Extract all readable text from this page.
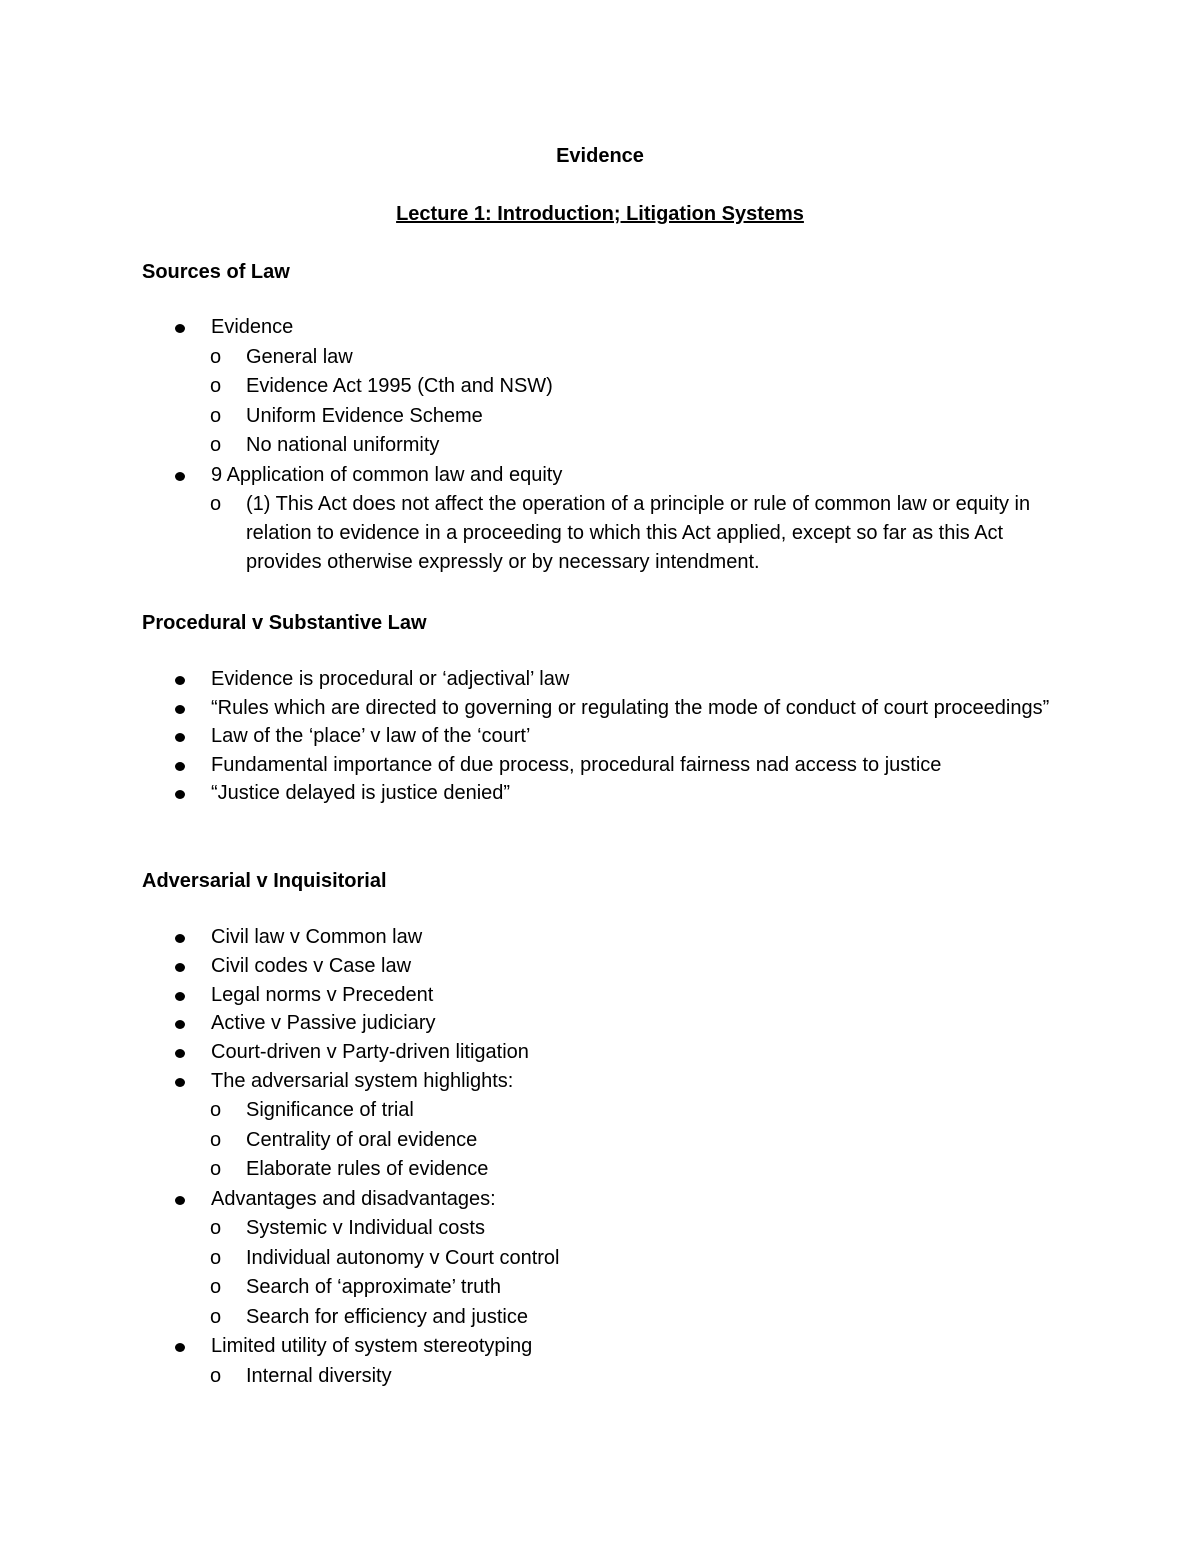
Evidence
Lecture 1: Introduction; Litigation Systems
Sources of Law
Evidence
o General law
o Evidence Act 1995 (Cth and NSW)
o Uniform Evidence Scheme
o No national uniformity
9 Application of common law and equity
o (1) This Act does not affect the operation of a principle or rule of common law or equity in relation to evidence in a proceeding to which this Act applied, except so far as this Act provides otherwise expressly or by necessary intendment.
Procedural v Substantive Law
Evidence is procedural or ‘adjectival’ law
“Rules which are directed to governing or regulating the mode of conduct of court proceedings”
Law of the ‘place’ v law of the ‘court’
Fundamental importance of due process, procedural fairness nad access to justice
“Justice delayed is justice denied”
Adversarial v Inquisitorial
Civil law v Common law
Civil codes v Case law
Legal norms v Precedent
Active v Passive judiciary
Court-driven v Party-driven litigation
The adversarial system highlights:
o Significance of trial
o Centrality of oral evidence
o Elaborate rules of evidence
Advantages and disadvantages:
o Systemic v Individual costs
o Individual autonomy v Court control
o Search of ‘approximate’ truth
o Search for efficiency and justice
Limited utility of system stereotyping
o Internal diversity
